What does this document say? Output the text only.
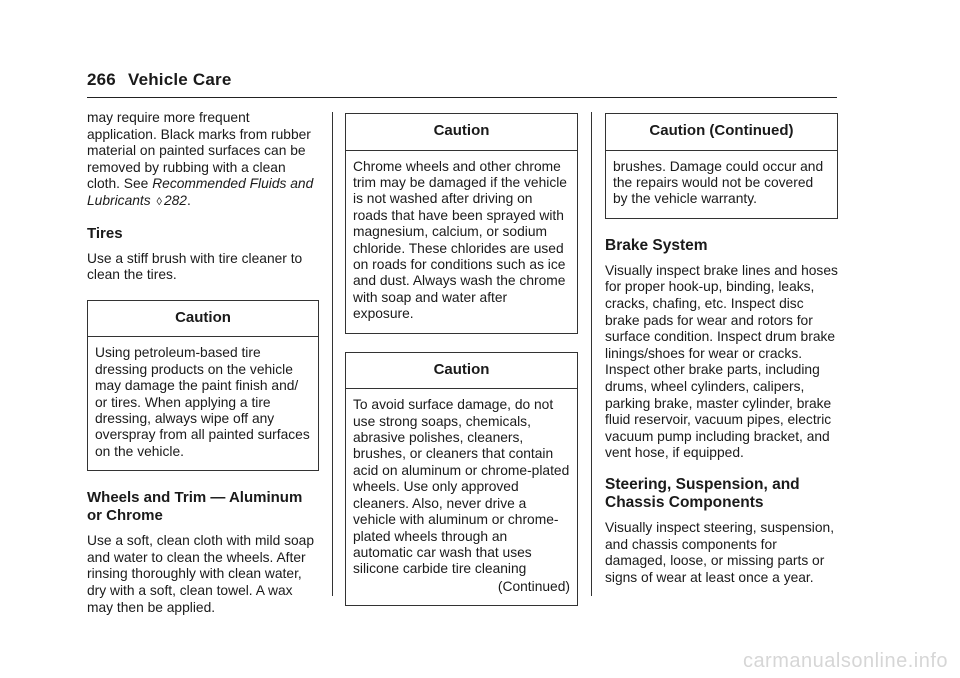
266 Vehicle Care

may require more frequent application. Black marks from rubber material on painted surfaces can be removed by rubbing with a clean cloth. See Recommended Fluids and Lubricants ◊ 282.

Tires

Use a stiff brush with tire cleaner to clean the tires.

Caution
Using petroleum-based tire dressing products on the vehicle may damage the paint finish and/ or tires. When applying a tire dressing, always wipe off any overspray from all painted surfaces on the vehicle.
Wheels and Trim — Aluminum or Chrome

Use a soft, clean cloth with mild soap and water to clean the wheels. After rinsing thoroughly with clean water, dry with a soft, clean towel. A wax may then be applied.

Caution
Chrome wheels and other chrome trim may be damaged if the vehicle is not washed after driving on roads that have been sprayed with magnesium, calcium, or sodium chloride. These chlorides are used on roads for conditions such as ice and dust. Always wash the chrome with soap and water after exposure.
Caution
To avoid surface damage, do not use strong soaps, chemicals, abrasive polishes, cleaners, brushes, or cleaners that contain acid on aluminum or chrome-plated wheels. Use only approved cleaners. Also, never drive a vehicle with aluminum or chrome-plated wheels through an automatic car wash that uses silicone carbide tire cleaning
(Continued)
Caution (Continued)
brushes. Damage could occur and the repairs would not be covered by the vehicle warranty.
Brake System

Visually inspect brake lines and hoses for proper hook-up, binding, leaks, cracks, chafing, etc. Inspect disc brake pads for wear and rotors for surface condition. Inspect drum brake linings/shoes for wear or cracks. Inspect other brake parts, including drums, wheel cylinders, calipers, parking brake, master cylinder, brake fluid reservoir, vacuum pipes, electric vacuum pump including bracket, and vent hose, if equipped.

Steering, Suspension, and Chassis Components

Visually inspect steering, suspension, and chassis components for damaged, loose, or missing parts or signs of wear at least once a year.

carmanualsonline.info
